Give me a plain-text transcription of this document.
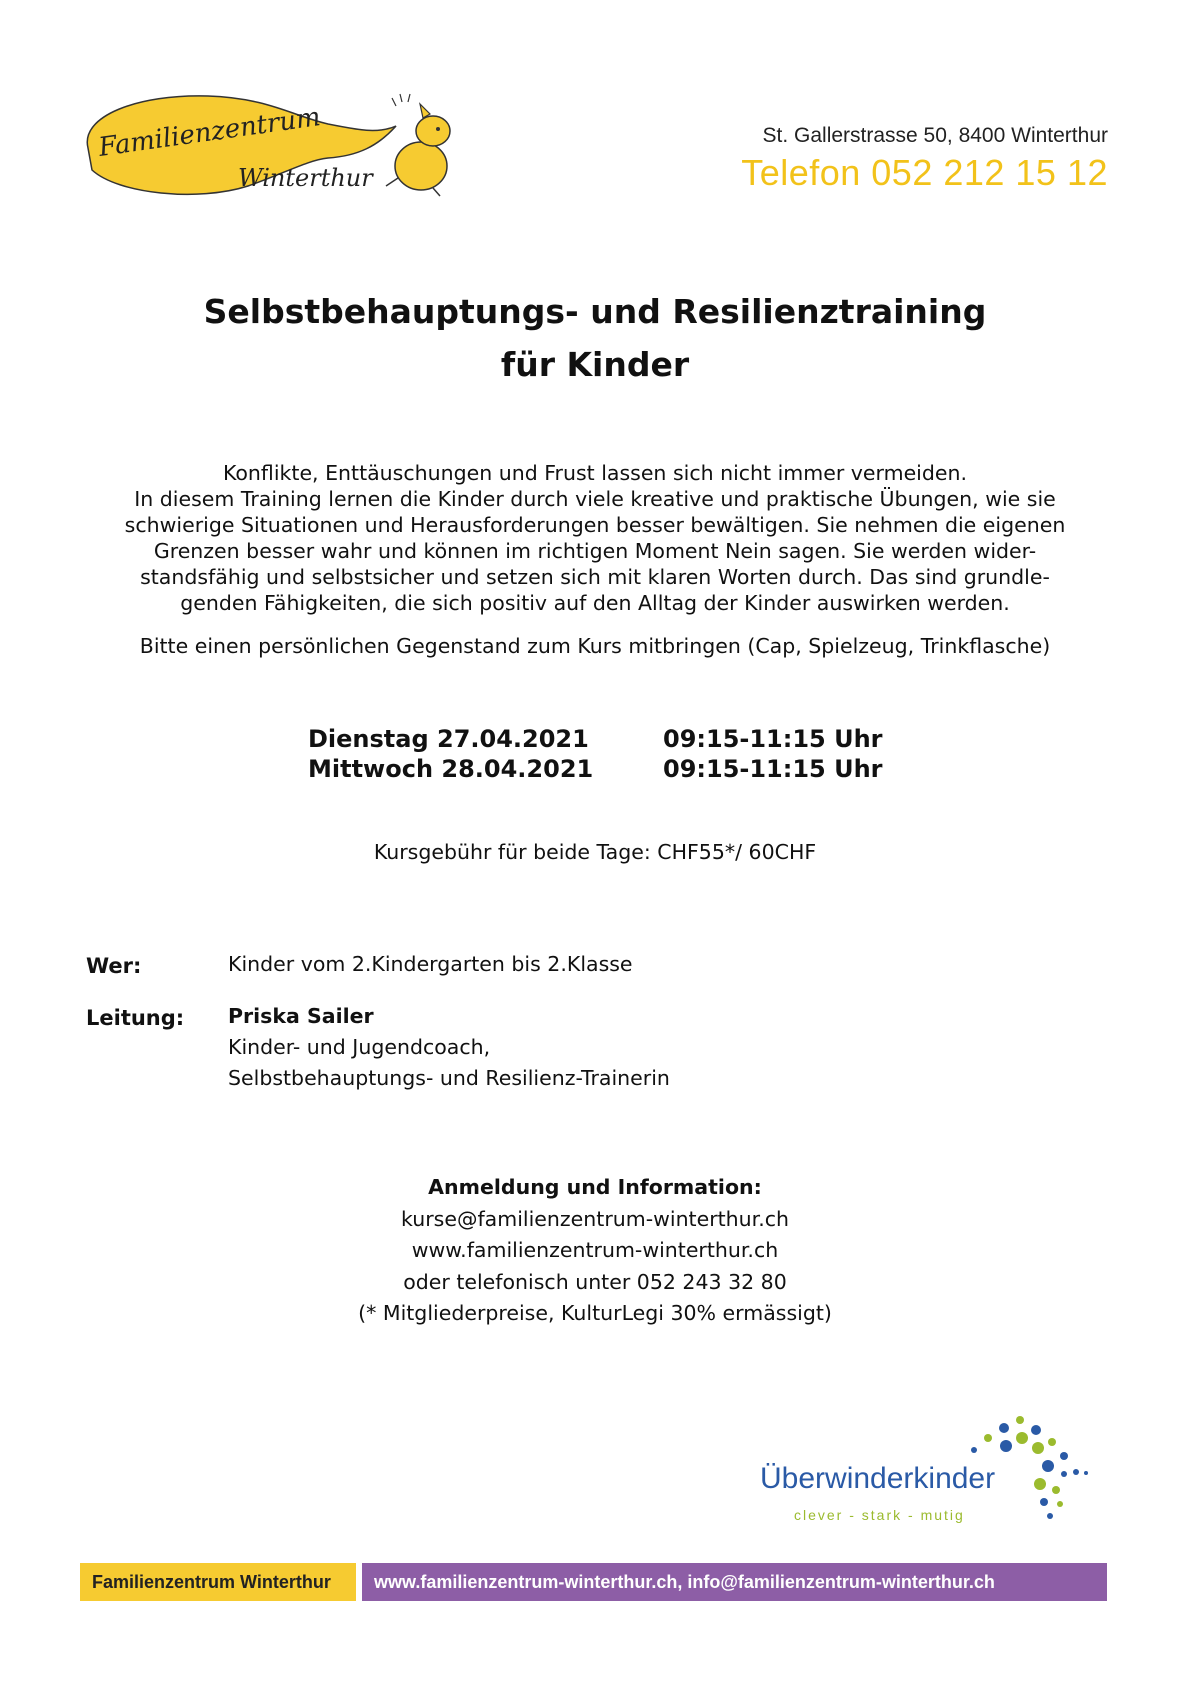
Familienzentrum
Winterthur
St. Gallerstrasse 50, 8400 Winterthur
Telefon 052 212 15 12
Selbstbehauptungs- und Resilienztraining
für Kinder

Konflikte, Enttäuschungen und Frust lassen sich nicht immer vermeiden.

In diesem Training lernen die Kinder durch viele kreative und praktische Übungen, wie sie

schwierige Situationen und Herausforderungen besser bewältigen. Sie nehmen die eigenen

Grenzen besser wahr und können im richtigen Moment Nein sagen. Sie werden wider-

standsfähig und selbstsicher und setzen sich mit klaren Worten durch. Das sind grundle-

genden Fähigkeiten, die sich positiv auf den Alltag der Kinder auswirken werden.

Bitte einen persönlichen Gegenstand zum Kurs mitbringen (Cap, Spielzeug, Trinkflasche)
Dienstag 27.04.2021	09:15-11:15 Uhr
Mittwoch 28.04.2021	09:15-11:15 Uhr
Kursgebühr für beide Tage: CHF55*/ 60CHF
Wer:	Kinder vom 2.Kindergarten bis 2.Klasse
Leitung: Priska Sailer
Kinder- und Jugendcoach,
Selbstbehauptungs- und Resilienz-Trainerin
Anmeldung und Information:
kurse@familienzentrum-winterthur.ch
www.familienzentrum-winterthur.ch
oder telefonisch unter 052 243 32 80
(* Mitgliederpreise, KulturLegi 30% ermässigt)
Überwinderkinder
clever - stark - mutig
Familienzentrum Winterthur www.familienzentrum-winterthur.ch, info@familienzentrum-winterthur.ch
